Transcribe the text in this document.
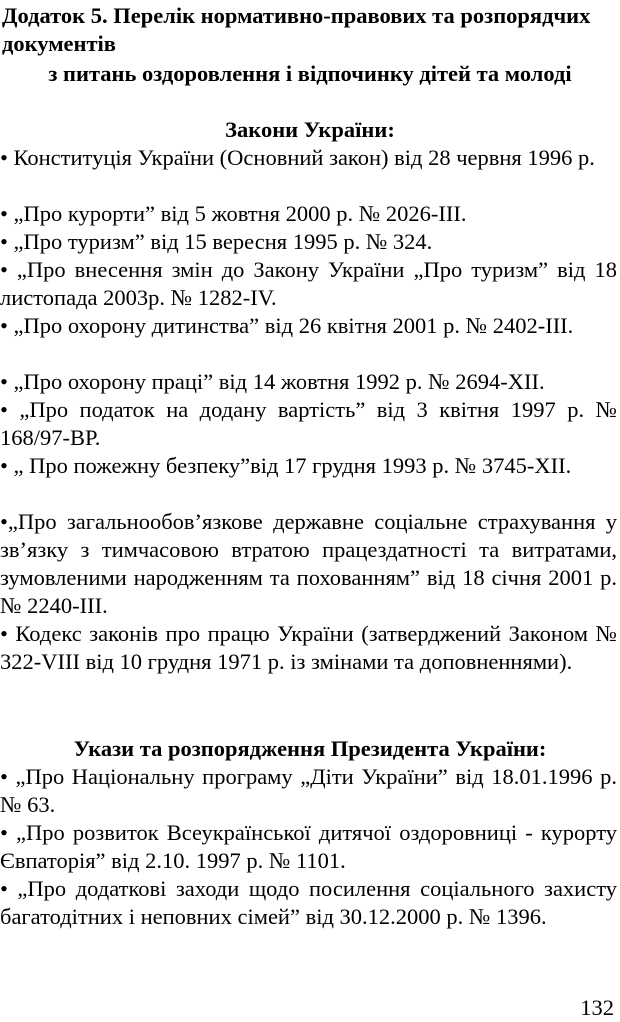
Додаток 5. Перелік нормативно-правових та розпорядчих документів
з питань оздоровлення і відпочинку дітей та молоді
Закони України:
• Конституція України (Основний закон) від 28 червня 1996 р.
• „Про курорти” від 5 жовтня 2000 р. № 2026-ІІІ.
• „Про туризм” від 15 вересня 1995 р. № 324.
• „Про внесення змін до Закону України „Про туризм” від 18 листопада 2003р. № 1282-ІV.
• „Про охорону дитинства” від 26 квітня 2001 р. № 2402-ІІІ.
• „Про охорону праці” від 14 жовтня 1992 р. № 2694-XII.
• „Про податок на додану вартість” від 3 квітня 1997 р. № 168/97-ВР.
• „ Про пожежну безпеку”від 17 грудня 1993 р. № 3745-XII.
•„Про загальнообов’язкове державне соціальне страхування у зв’язку з тимчасовою втратою працездатності та витратами, зумовленими народженням та похованням” від 18 січня 2001 р. № 2240-ІІІ.
• Кодекс законів про працю України (затверджений Законом № 322-VIII від 10 грудня 1971 р. із змінами та доповненнями).
Укази та розпорядження Президента України:
• „Про Національну програму „Діти України” від 18.01.1996 р. № 63.
• „Про розвиток Всеукраїнської дитячої оздоровниці - курорту Євпаторія” від 2.10. 1997 р. № 1101.
• „Про додаткові заходи щодо посилення соціального захисту багатодітних і неповних сімей” від 30.12.2000 р. № 1396.
132
